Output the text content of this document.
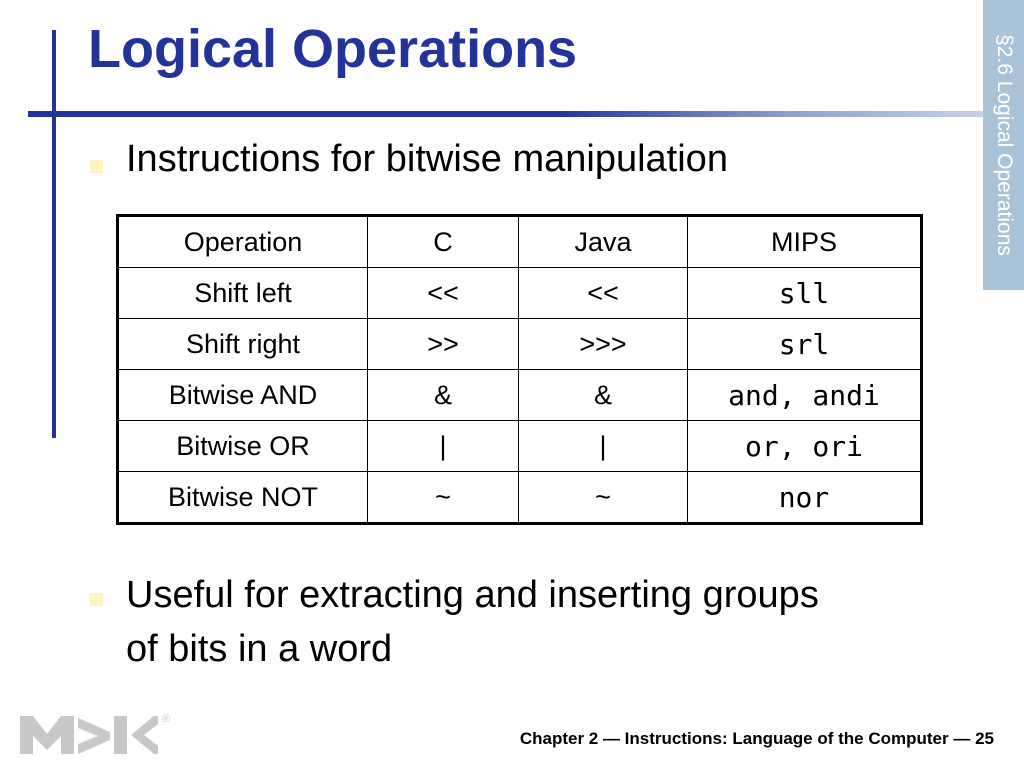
Logical Operations	§2.6 Logical Operations
Instructions for bitwise manipulation
Operation	C	Java	MIPS
Shift left	<<	<<	sll
Shift right	>>	>>>	srl
Bitwise AND	&	&	and, andi
Bitwise OR	|	|	or, ori
Bitwise NOT	~	~	nor
Useful for extracting and inserting groups of bits in a word
®
Chapter 2 — Instructions: Language of the Computer — 25
